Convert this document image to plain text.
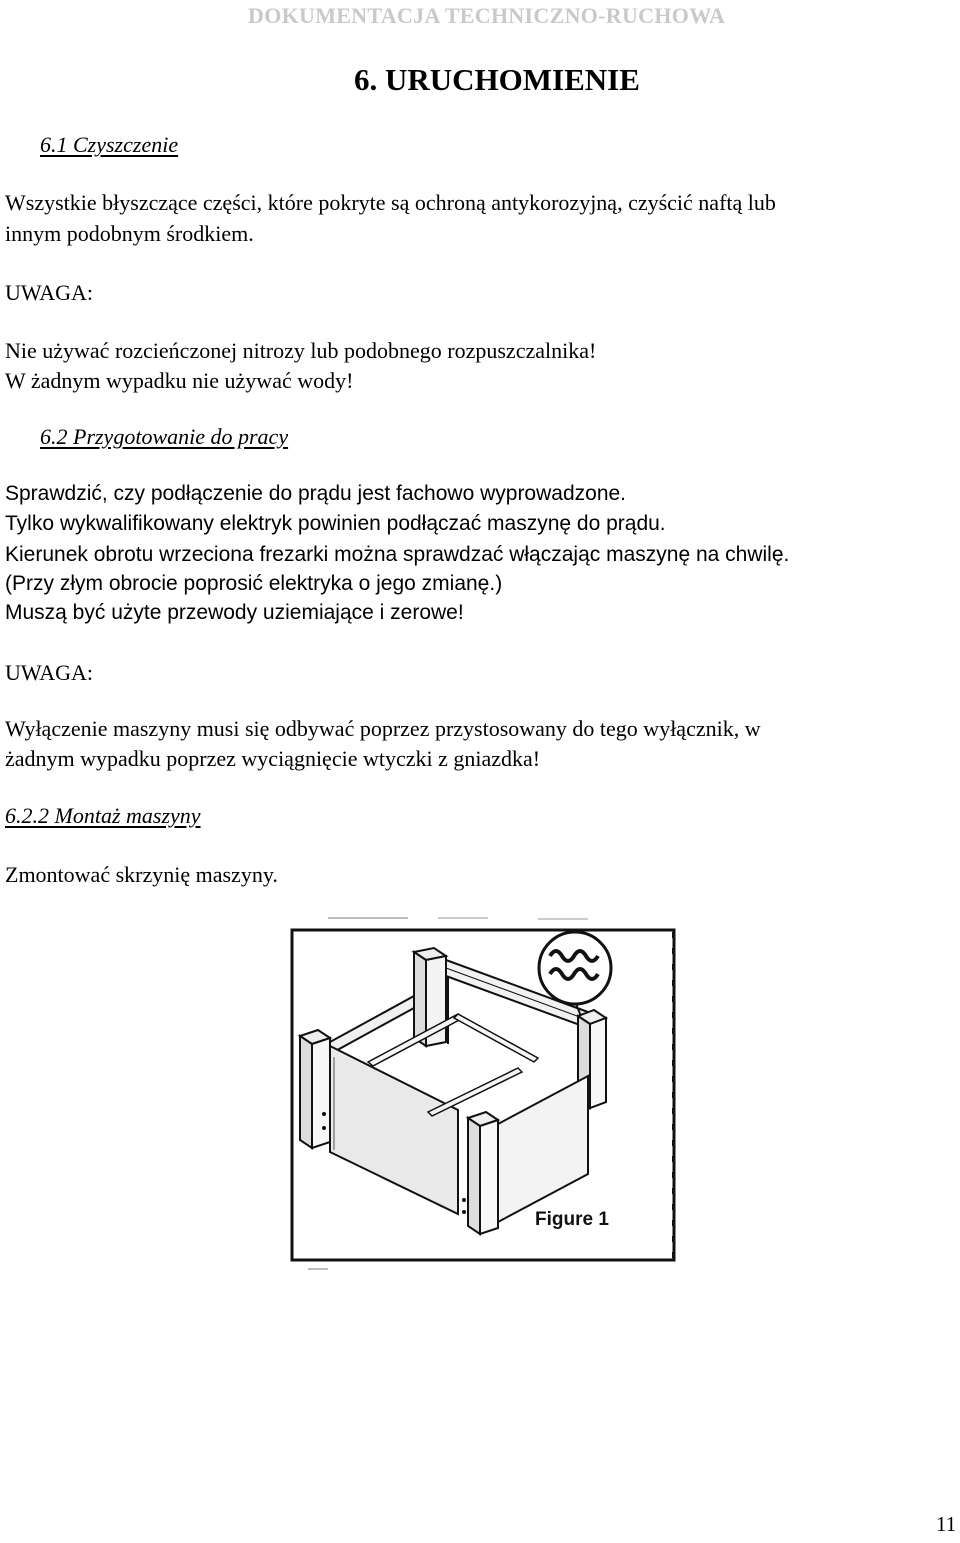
DOKUMENTACJA TECHNICZNO-RUCHOWA
6. URUCHOMIENIE
6.1 Czyszczenie
Wszystkie błyszczące części, które pokryte są ochroną antykorozyjną, czyścić naftą lub
innym podobnym środkiem.
UWAGA:
Nie używać rozcieńczonej nitrozy lub podobnego rozpuszczalnika!
W żadnym wypadku nie używać wody!
6.2 Przygotowanie do pracy
Sprawdzić, czy podłączenie do prądu jest fachowo wyprowadzone.
Tylko wykwalifikowany elektryk powinien podłączać maszynę do prądu.
Kierunek obrotu wrzeciona frezarki można sprawdzać włączając maszynę na chwilę.
(Przy złym obrocie poprosić elektryka o jego zmianę.)
Muszą być użyte przewody uziemiające i zerowe!
UWAGA:
Wyłączenie maszyny musi się odbywać poprzez przystosowany do tego wyłącznik, w
żadnym wypadku poprzez wyciągnięcie wtyczki z gniazdka!
6.2.2 Montaż maszyny
Zmontować skrzynię maszyny.
Figure 1
11
